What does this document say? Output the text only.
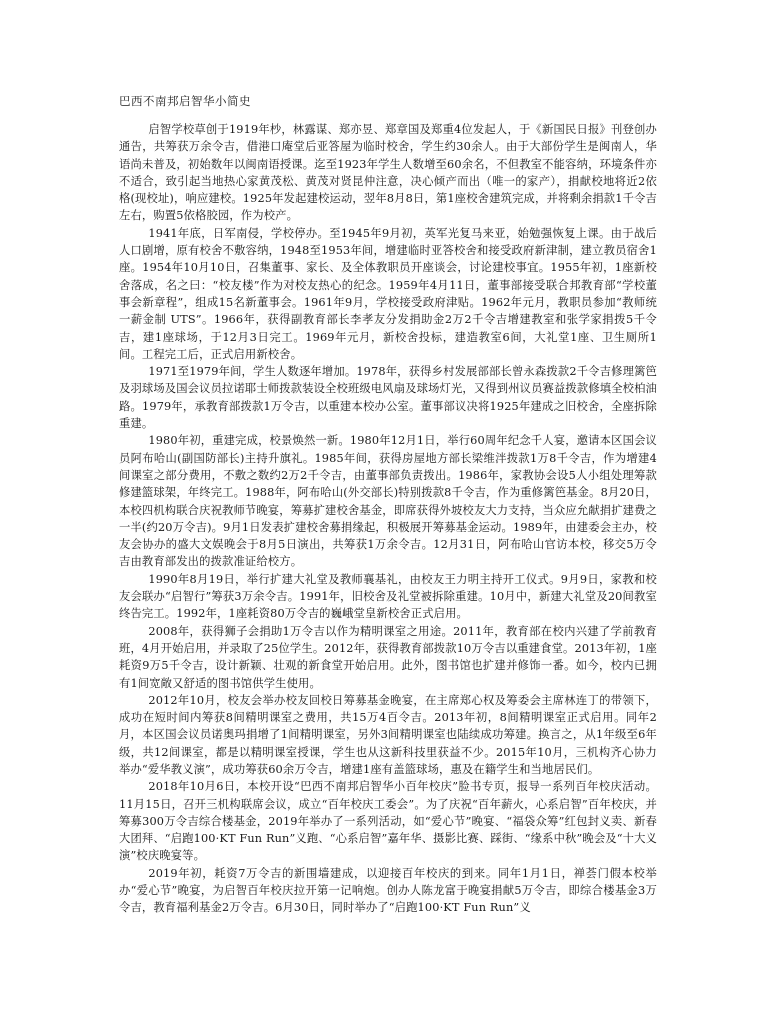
巴西不南邦启智华小简史

启智学校草创于1919年杪，林露谋、郑亦昱、郑章国及郑重4位发起人，于《新国民日报》刊登创办通告，共筹获万余令吉，借港口庵堂后亚答屋为临时校舍，学生约30余人。由于大部份学生是闽南人，华语尚未普及，初始数年以闽南语授课。迄至1923年学生人数增至60余名，不但教室不能容纳，环境条件亦不适合，致引起当地热心家黄茂松、黄茂对贤昆仲注意，决心倾产而出（唯一的家产），捐献校地将近2依格(现校址)，响应建校。1925年发起建校运动，翌年8月8日，第1座校舍建筑完成，并将剩余捐款1千令吉左右，购置5依格胶园，作为校产。

1941年底，日军南侵，学校停办。至1945年9月初，英军光复马来亚，始勉强恢复上课。由于战后人口剧增，原有校舍不敷容纳，1948至1953年间，增建临时亚答校舍和接受政府新津制，建立教员宿舍1座。1954年10月10日，召集董事、家长、及全体教职员开座谈会，讨论建校事宜。1955年初，1座新校舍落成，名之曰：“校友楼”作为对校友热心的纪念。1959年4月11日，董事部接受联合邦教育部“学校董事会新章程”，组成15名新董事会。1961年9月，学校接受政府津贴。1962年元月，教职员参加“教师统一薪金制 UTS”。1966年，获得副教育部长李孝友分发捐助金2万2千令吉增建教室和张学家捐拨5千令吉，建1座球场，于12月3日完工。1969年元月，新校舍投标，建造教室6间，大礼堂1座、卫生厕所1间。工程完工后，正式启用新校舍。

1971至1979年间，学生人数逐年增加。1978年，获得乡村发展部部长曾永森拨款2千令吉修理篱笆及羽球场及国会议员拉诺耶士师拨款装设全校班级电风扇及球场灯光，又得到州议员赛益拨款修填全校柏油路。1979年，承教育部拨款1万令吉，以重建本校办公室。董事部议决将1925年建成之旧校舍，全座拆除重建。

1980年初，重建完成，校景焕然一新。1980年12月1日，举行60周年纪念千人宴，邀请本区国会议员阿布哈山(副国防部长)主持升旗礼。1985年间，获得房屋地方部长梁维泮拨款1万8千令吉，作为增建4间课室之部分费用，不敷之数约2万2千令吉，由董事部负责拨出。1986年，家教协会设5人小组处理筹款修建篮球架，年终完工。1988年，阿布哈山(外交部长)特别拨款8千令吉，作为重修篱笆基金。8月20日，本校四机构联合庆祝教师节晚宴，筹募扩建校舍基金，即席获得外坡校友大力支持，当众应允献捐扩建费之一半(约20万令吉)。9月1日发表扩建校舍募捐缘起，积极展开筹募基金运动。1989年，由建委会主办，校友会协办的盛大文娱晚会于8月5日演出，共筹获1万余令吉。12月31日，阿布哈山官访本校，移交5万令吉由教育部发出的拨款准证给校方。

1990年8月19日，举行扩建大礼堂及教师襄基礼，由校友王力明主持开工仪式。9月9日，家教和校友会联办“启智行”筹获3万余令吉。1991年，旧校舍及礼堂被拆除重建。10月中，新建大礼堂及20间教室终告完工。1992年，1座耗资80万令吉的巍峨堂皇新校舍正式启用。

2008年，获得狮子会捐助1万令吉以作为精明课室之用途。2011年，教育部在校内兴建了学前教育班，4月开始启用，并录取了25位学生。2012年，获得教育部拨款10万令吉以重建食堂。2013年初，1座耗资9万5千令吉，设计新颖、壮观的新食堂开始启用。此外，图书馆也扩建并修饰一番。如今，校内已拥有1间宽敞又舒适的图书馆供学生使用。

2012年10月，校友会举办校友回校日筹募基金晚宴，在主席郑心权及筹委会主席林连丁的带领下，成功在短时间内筹获8间精明课室之费用，共15万4百令吉。2013年初，8间精明课室正式启用。同年2月，本区国会议员诺奥玛捐增了1间精明课室，另外3间精明课室也陆续成功筹建。换言之，从1年级至6年级，共12间课室，都是以精明课室授课，学生也从这新科技里获益不少。2015年10月，三机构齐心协力举办“爱华教义演”，成功筹获60余万令吉，增建1座有盖篮球场，惠及在籍学生和当地居民们。

2018年10月6日，本校开设“巴西不南邦启智华小百年校庆”脸书专页，报导一系列百年校庆活动。11月15日，召开三机构联席会议，成立“百年校庆工委会”。为了庆祝“百年薪火，心系启智”百年校庆，并筹募300万令吉综合楼基金，2019年举办了一系列活动，如“爱心节”晚宴、“福袋众筹”红包封义卖、新春大团拜、“启跑100·KT Fun Run”义跑、“心系启智”嘉年华、摄影比赛、踩街、“缘系中秋”晚会及“十大义演”校庆晚宴等。

2019年初，耗资7万令吉的新围墙建成，以迎接百年校庆的到来。同年1月1日，禅荟门假本校举办“爱心节”晚宴，为启智百年校庆拉开第一记响炮。创办人陈龙富于晚宴捐献5万令吉，即综合楼基金3万令吉，教育福利基金2万令吉。6月30日，同时举办了“启跑100·KT Fun Run”义
